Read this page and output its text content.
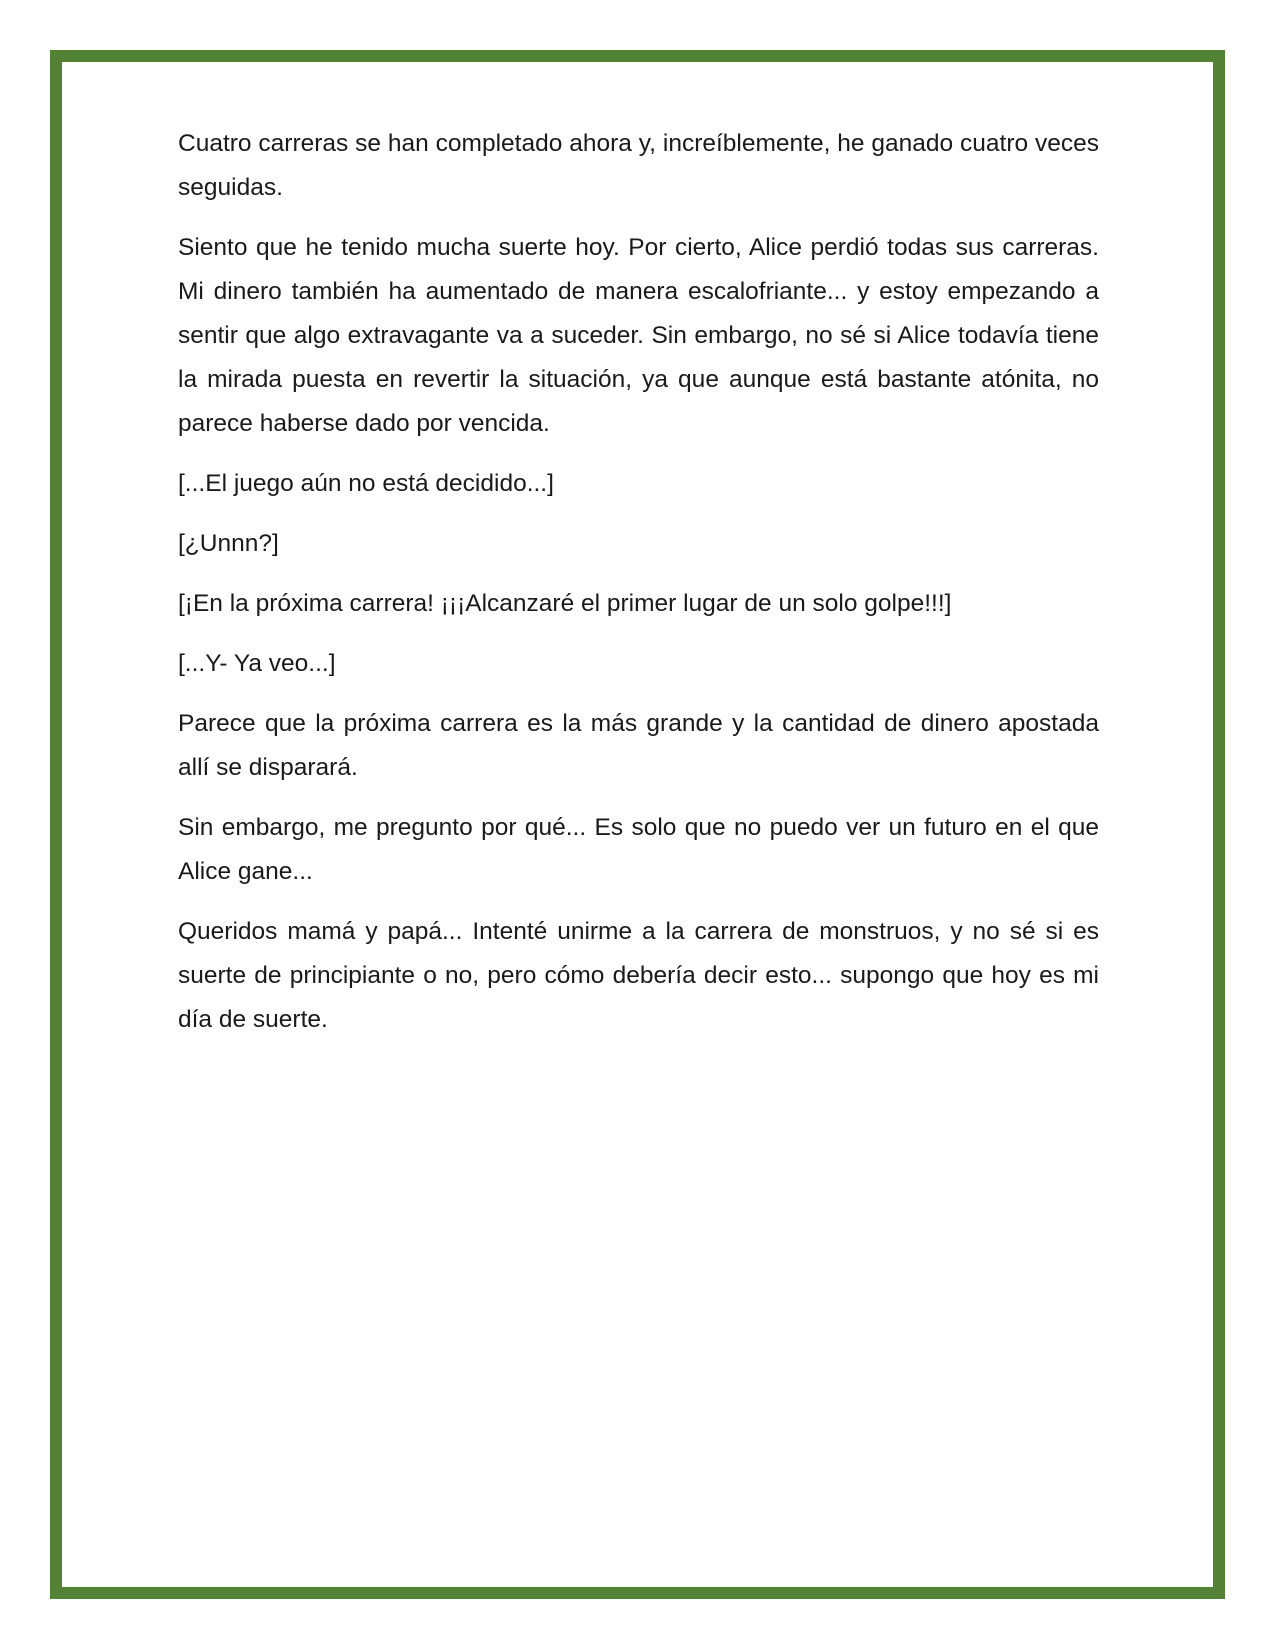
Cuatro carreras se han completado ahora y, increíblemente, he ganado cuatro veces seguidas.

Siento que he tenido mucha suerte hoy. Por cierto, Alice perdió todas sus carreras. Mi dinero también ha aumentado de manera escalofriante... y estoy empezando a sentir que algo extravagante va a suceder. Sin embargo, no sé si Alice todavía tiene la mirada puesta en revertir la situación, ya que aunque está bastante atónita, no parece haberse dado por vencida.

[...El juego aún no está decidido...]

[¿Unnn?]

[¡En la próxima carrera! ¡¡¡Alcanzaré el primer lugar de un solo golpe!!!]

[...Y- Ya veo...]

Parece que la próxima carrera es la más grande y la cantidad de dinero apostada allí se disparará.

Sin embargo, me pregunto por qué... Es solo que no puedo ver un futuro en el que Alice gane...

Queridos mamá y papá... Intenté unirme a la carrera de monstruos, y no sé si es suerte de principiante o no, pero cómo debería decir esto... supongo que hoy es mi día de suerte.
